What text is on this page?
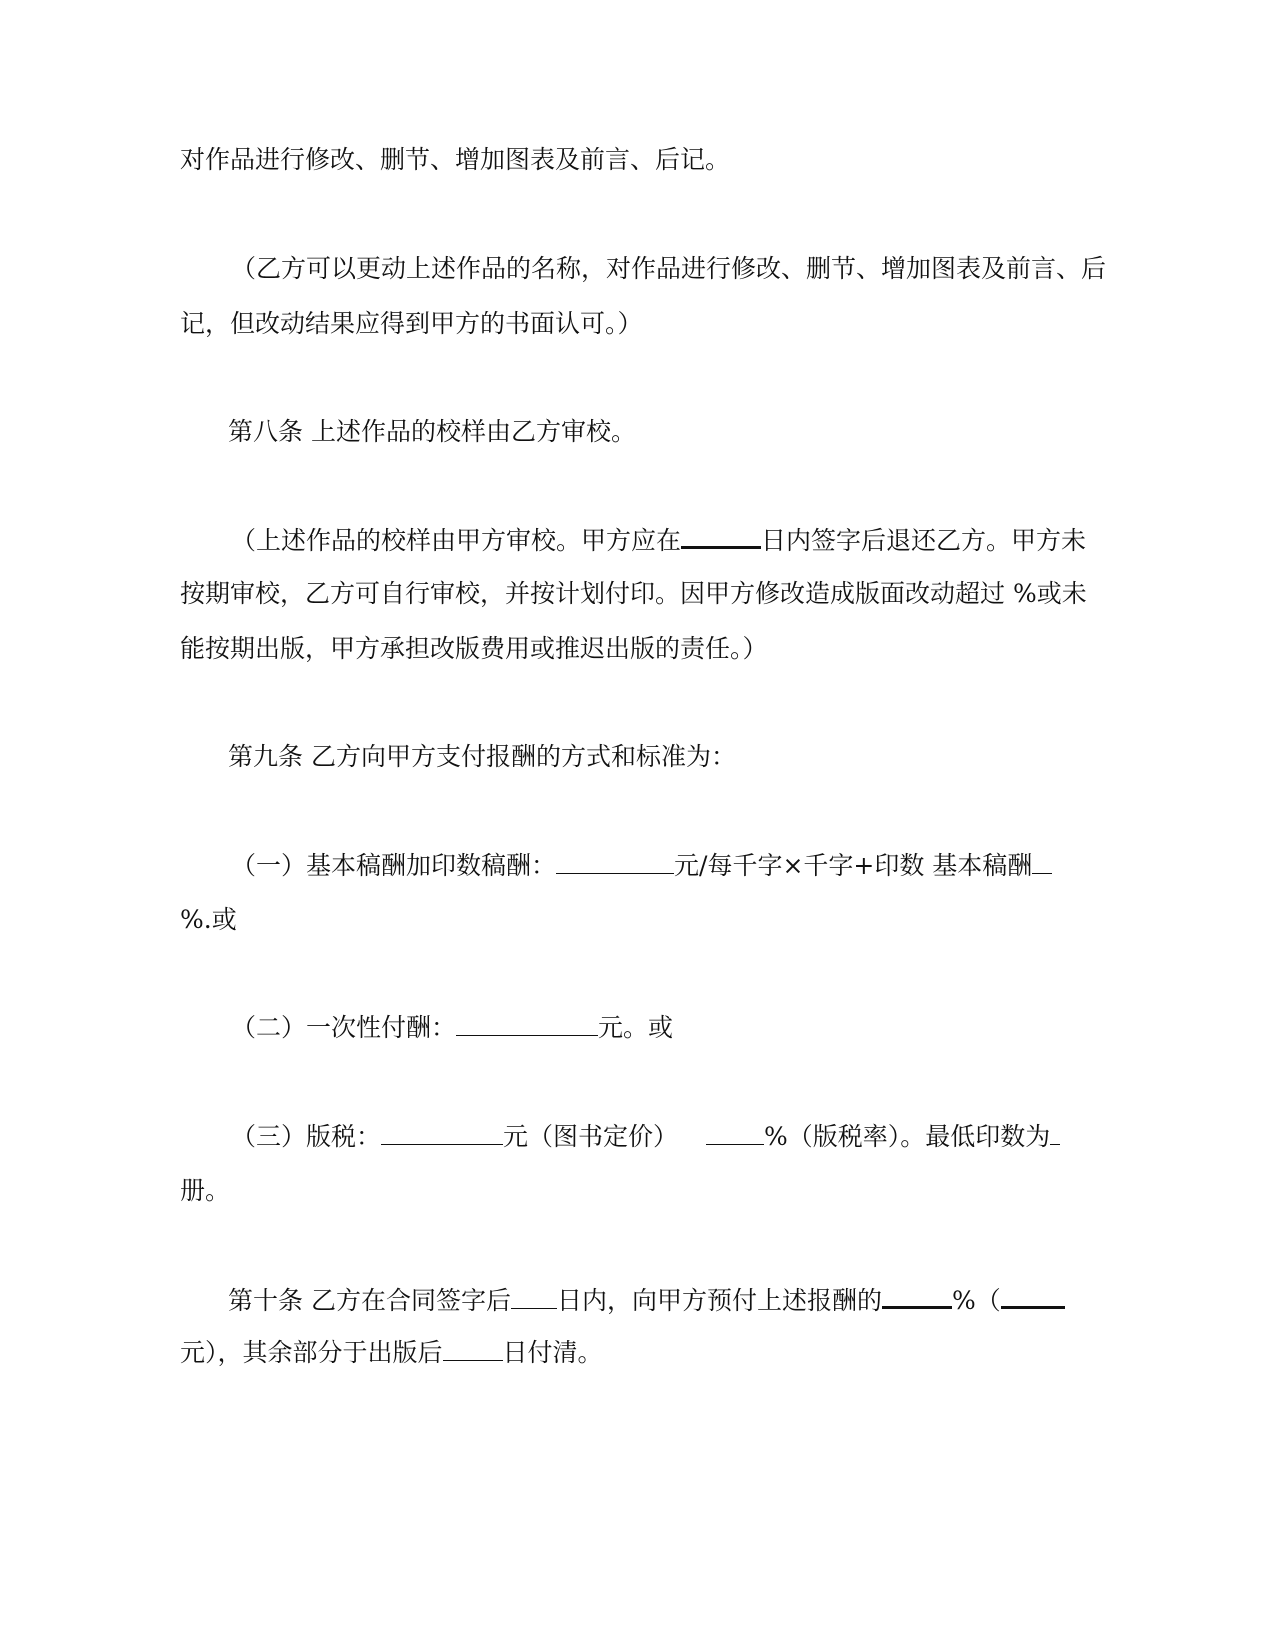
对作品进行修改、删节、增加图表及前言、后记。
（乙方可以更动上述作品的名称，对作品进行修改、删节、增加图表及前言、后
记，但改动结果应得到甲方的书面认可。）
第八条 上述作品的校样由乙方审校。
（上述作品的校样由甲方审校。甲方应在	日内签字后退还乙方。甲方未
按期审校，乙方可自行审校，并按计划付印。因甲方修改造成版面改动超过 %或未
能按期出版，甲方承担改版费用或推迟出版的责任。）
第九条 乙方向甲方支付报酬的方式和标准为：
（一）基本稿酬加印数稿酬：	元/每千字×千字+印数 基本稿酬
%.或
（二）一次性付酬：	元。或
（三）版税：	元（图书定价）	%（版税率）。最低印数为
册。
第十条 乙方在合同签字后 日内，向甲方预付上述报酬的	%（
元），其余部分于出版后 日付清。
